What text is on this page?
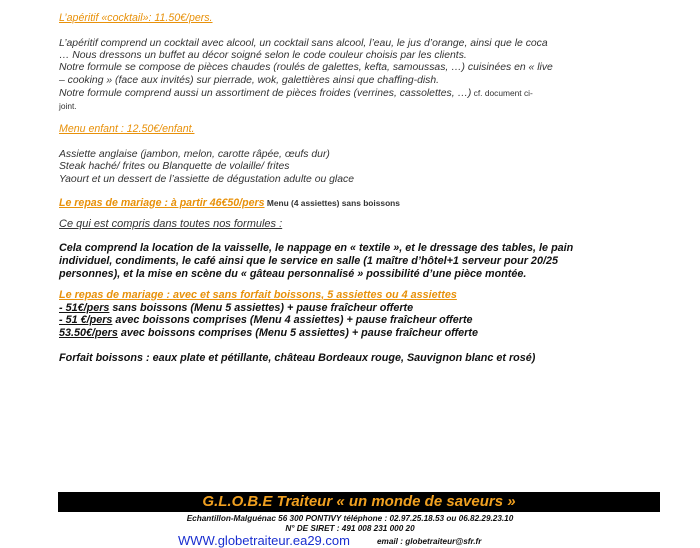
L’apéritif «cocktail»: 11.50€/pers.

L’apéritif comprend un cocktail avec alcool, un cocktail sans alcool, l’eau, le jus d’orange, ainsi que le coca

… Nous dressons un buffet au décor soigné selon le code couleur choisis par les clients.

Notre formule se compose de pièces chaudes (roulés de galettes, kefta, samoussas, …) cuisinées en « live

– cooking » (face aux invités) sur pierrade, wok, galettières ainsi que chaffing-dish.

Notre formule comprend aussi un assortiment de pièces froides (verrines, cassolettes, …) cf. document ci-

joint.

Menu enfant : 12.50€/enfant.

Assiette anglaise (jambon, melon, carotte râpée, œufs dur)

Steak haché/ frites ou Blanquette de volaille/ frites

Yaourt et un dessert de l’assiette de dégustation adulte ou glace

Le repas de mariage : à partir 46€50/pers Menu (4 assiettes) sans boissons

Ce qui est compris dans toutes nos formules :

Cela comprend la location de la vaisselle, le nappage en « textile », et le dressage des tables, le pain

individuel, condiments, le café ainsi que le service en salle (1 maître d’hôtel+1 serveur pour 20/25

personnes), et la mise en scène du « gâteau personnalisé » possibilité d’une pièce montée.

Le repas de mariage : avec et sans forfait boissons, 5 assiettes ou 4 assiettes

- 51€/pers sans boissons (Menu 5 assiettes) + pause fraîcheur offerte

- 51 €/pers avec boissons comprises (Menu 4 assiettes) + pause fraîcheur offerte

53.50€/pers avec boissons comprises (Menu 5 assiettes) + pause fraîcheur offerte

Forfait boissons : eaux plate et pétillante, château Bordeaux rouge, Sauvignon blanc et rosé)

G.L.O.B.E Traiteur « un monde de saveurs »
Echantillon-Malguénac 56 300 PONTIVY téléphone : 02.97.25.18.53 ou 06.82.29.23.10
N° DE SIRET : 491 008 231 000 20
WWW.globetraiteur.ea29.com	email : globetraiteur@sfr.fr
